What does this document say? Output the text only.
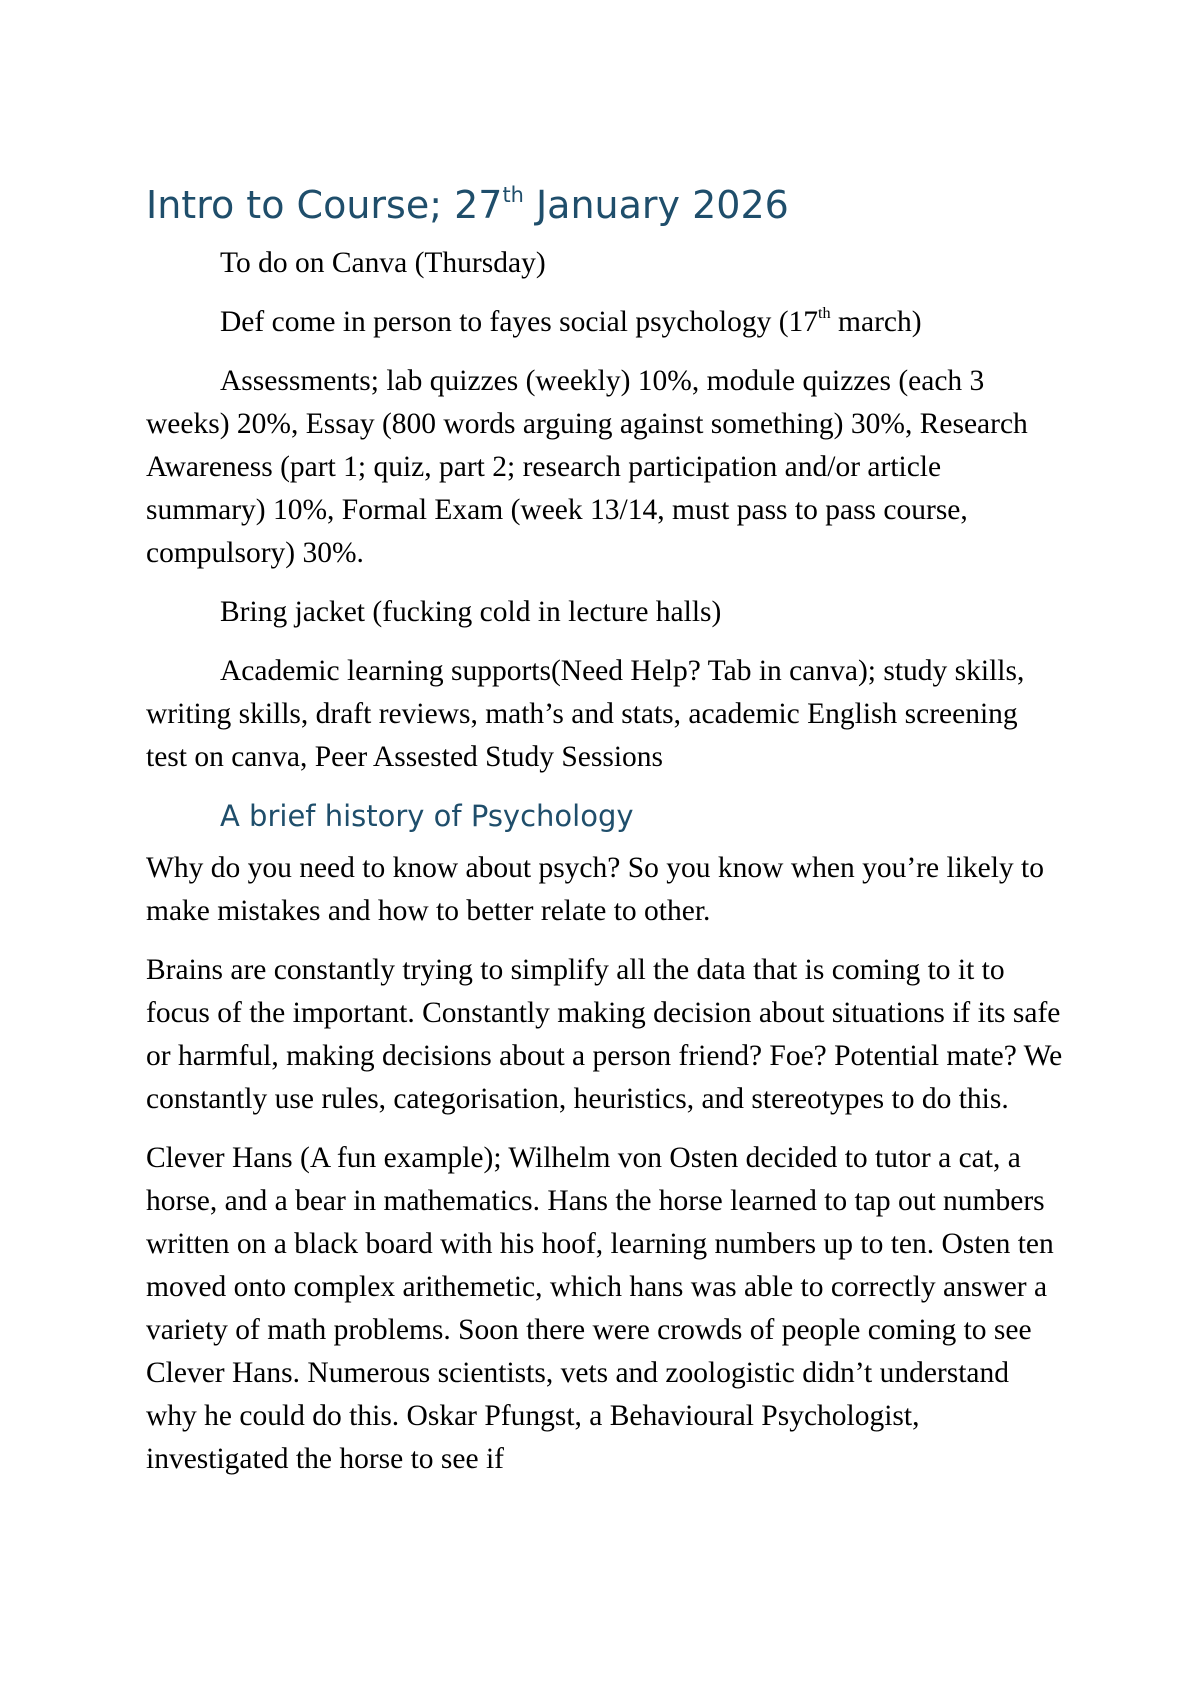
Intro to Course; 27th January 2026

To do on Canva (Thursday)

Def come in person to fayes social psychology (17th march)

Assessments; lab quizzes (weekly) 10%, module quizzes (each 3 weeks) 20%, Essay (800 words arguing against something) 30%, Research Awareness (part 1; quiz, part 2; research participation and/or article summary) 10%, Formal Exam (week 13/14, must pass to pass course, compulsory) 30%.

Bring jacket (fucking cold in lecture halls)

Academic learning supports(Need Help? Tab in canva); study skills, writing skills, draft reviews, math’s and stats, academic English screening test on canva, Peer Assested Study Sessions

A brief history of Psychology

Why do you need to know about psych? So you know when you’re likely to make mistakes and how to better relate to other.

Brains are constantly trying to simplify all the data that is coming to it to focus of the important. Constantly making decision about situations if its safe or harmful, making decisions about a person friend? Foe? Potential mate? We constantly use rules, categorisation, heuristics, and stereotypes to do this.

Clever Hans (A fun example); Wilhelm von Osten decided to tutor a cat, a horse, and a bear in mathematics. Hans the horse learned to tap out numbers written on a black board with his hoof, learning numbers up to ten. Osten ten moved onto complex arithemetic, which hans was able to correctly answer a variety of math problems. Soon there were crowds of people coming to see Clever Hans. Numerous scientists, vets and zoologistic didn’t understand why he could do this. Oskar Pfungst, a Behavioural Psychologist, investigated the horse to see if
